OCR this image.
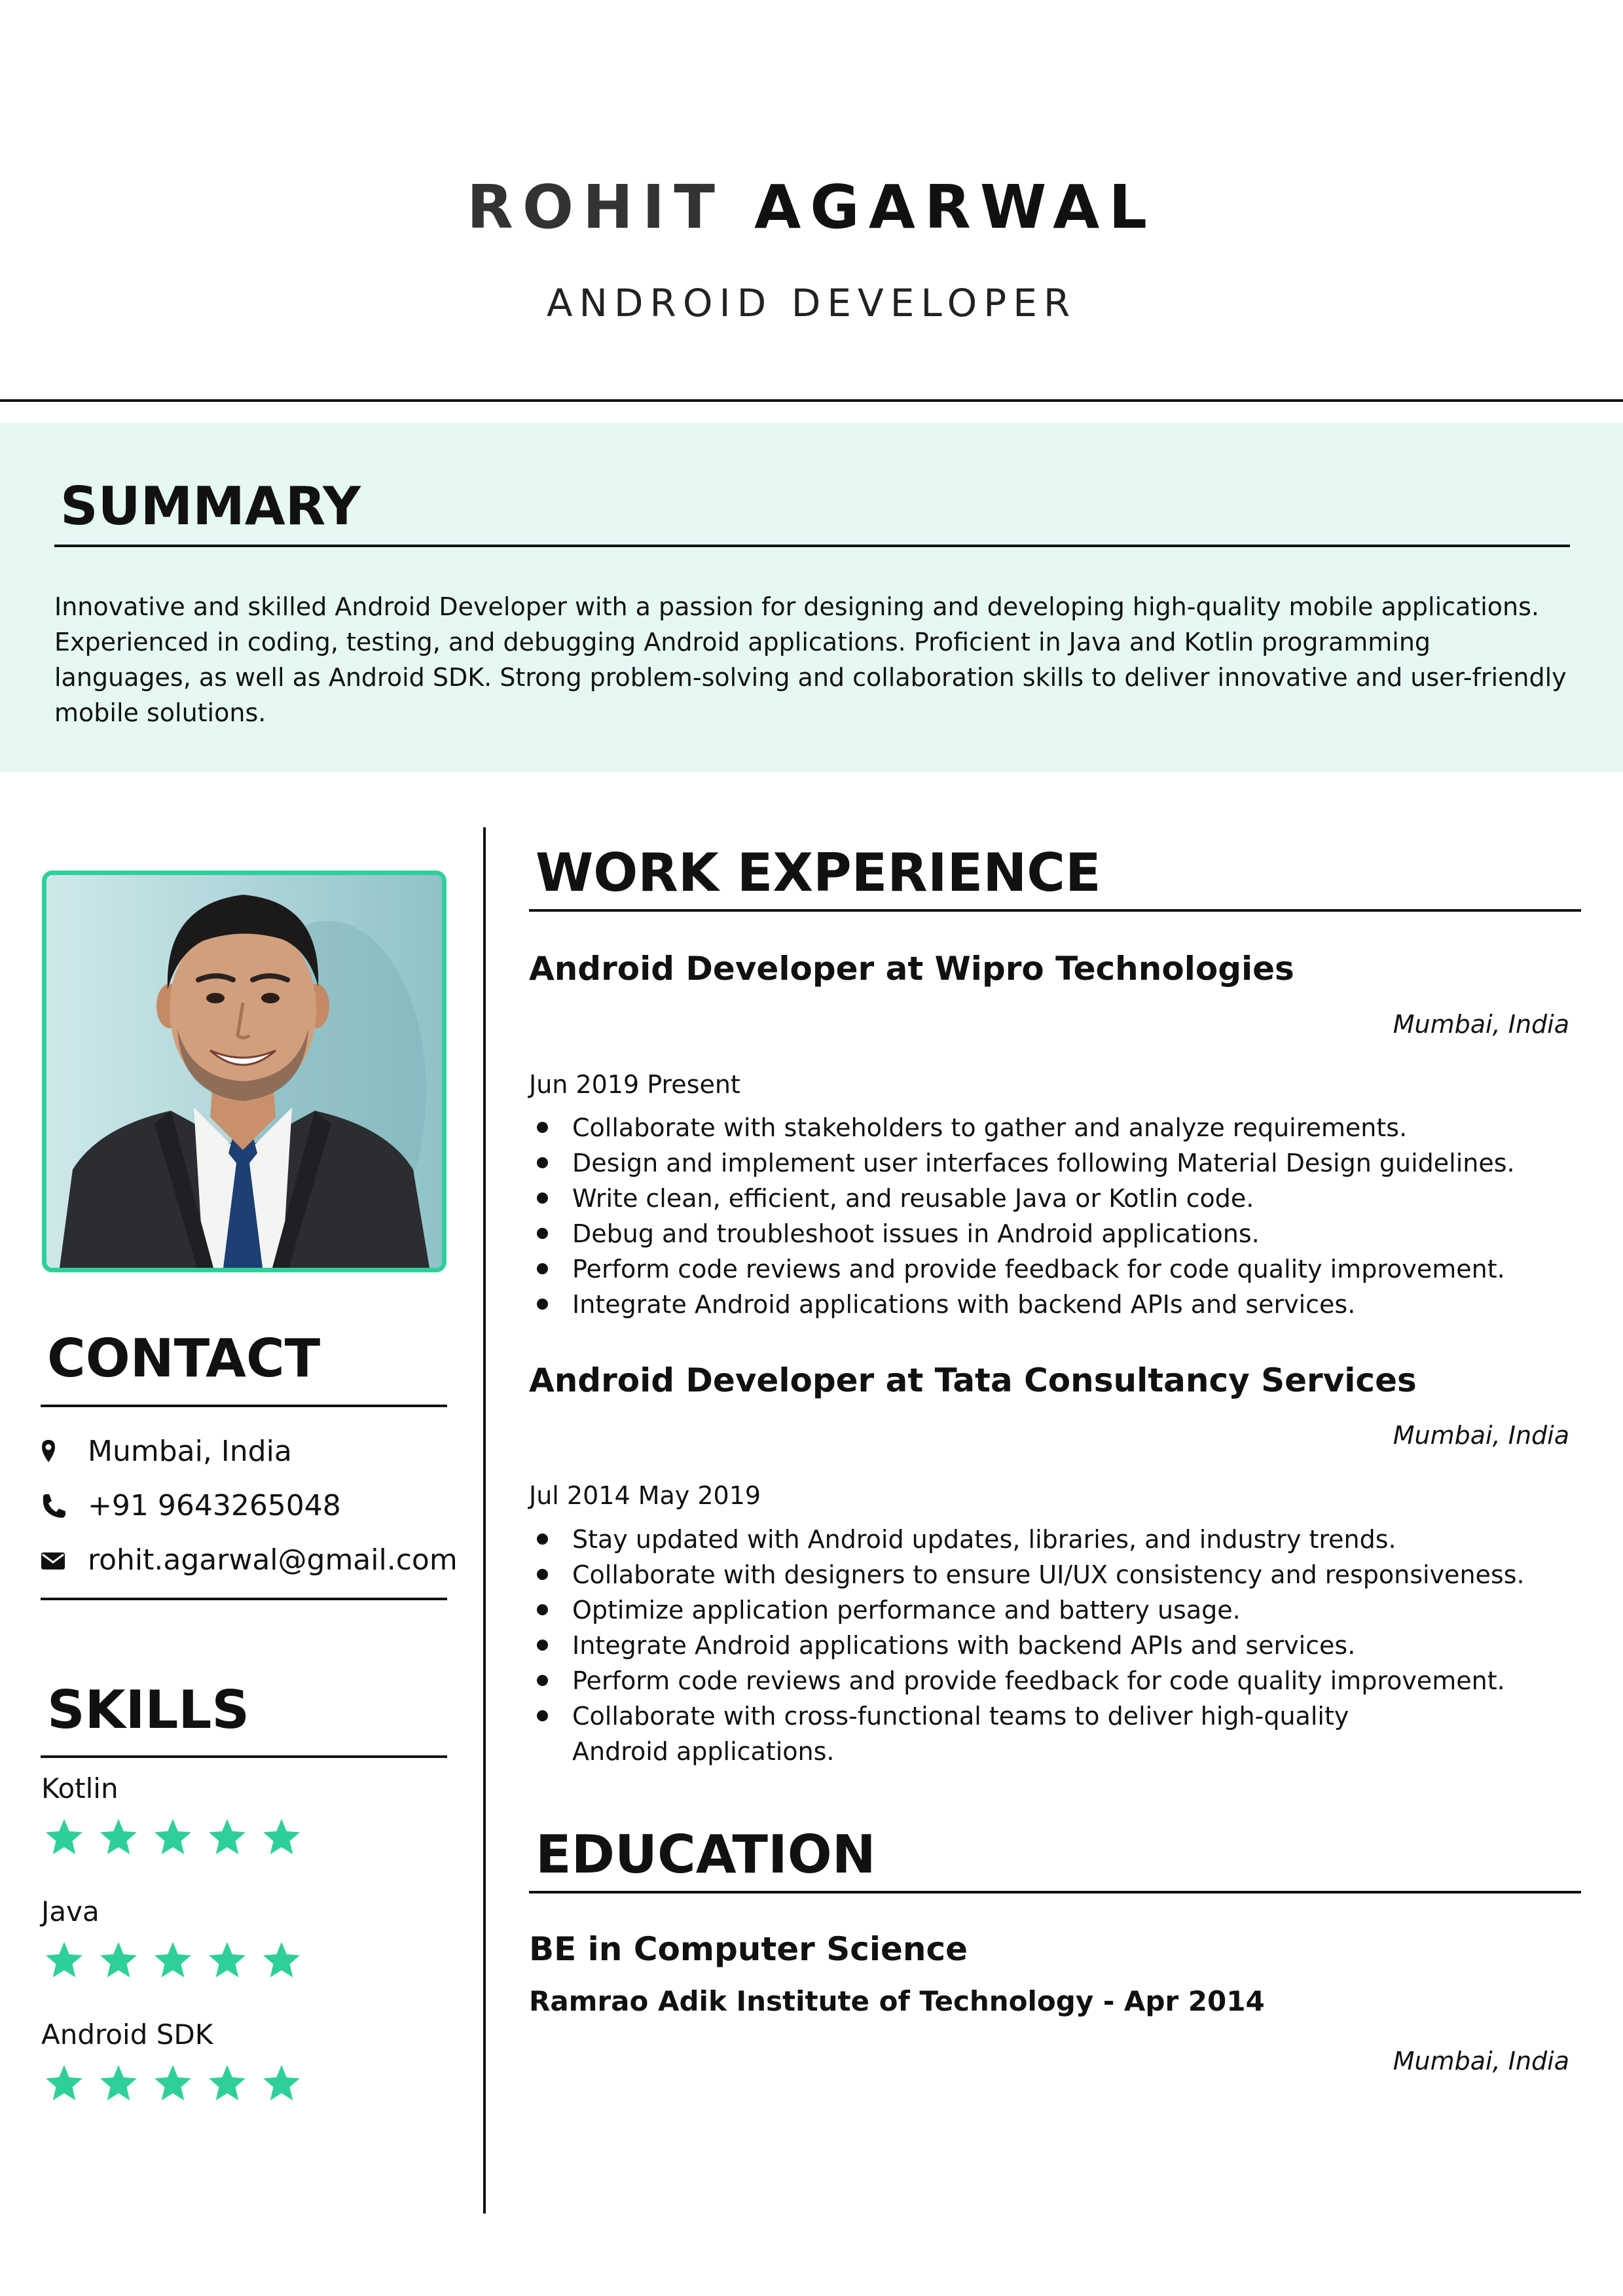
ROHIT AGARWAL
ANDROID DEVELOPER
SUMMARY
Innovative and skilled Android Developer with a passion for designing and developing high-quality mobile applications. Experienced in coding, testing, and debugging Android applications. Proficient in Java and Kotlin programming languages, as well as Android SDK. Strong problem-solving and collaboration skills to deliver innovative and user-friendly mobile solutions.
CONTACT
Mumbai, India
+91 9643265048
rohit.agarwal@gmail.com
SKILLS
Kotlin
Java
Android SDK
WORK EXPERIENCE
Android Developer at Wipro Technologies
Mumbai, India
Jun 2019 Present
Collaborate with stakeholders to gather and analyze requirements.
Design and implement user interfaces following Material Design guidelines.
Write clean, efficient, and reusable Java or Kotlin code.
Debug and troubleshoot issues in Android applications.
Perform code reviews and provide feedback for code quality improvement.
Integrate Android applications with backend APIs and services.
Android Developer at Tata Consultancy Services
Mumbai, India
Jul 2014 May 2019
Stay updated with Android updates, libraries, and industry trends.
Collaborate with designers to ensure UI/UX consistency and responsiveness.
Optimize application performance and battery usage.
Integrate Android applications with backend APIs and services.
Perform code reviews and provide feedback for code quality improvement.
Collaborate with cross-functional teams to deliver high-quality Android applications.
EDUCATION
BE in Computer Science
Ramrao Adik Institute of Technology - Apr 2014
Mumbai, India
